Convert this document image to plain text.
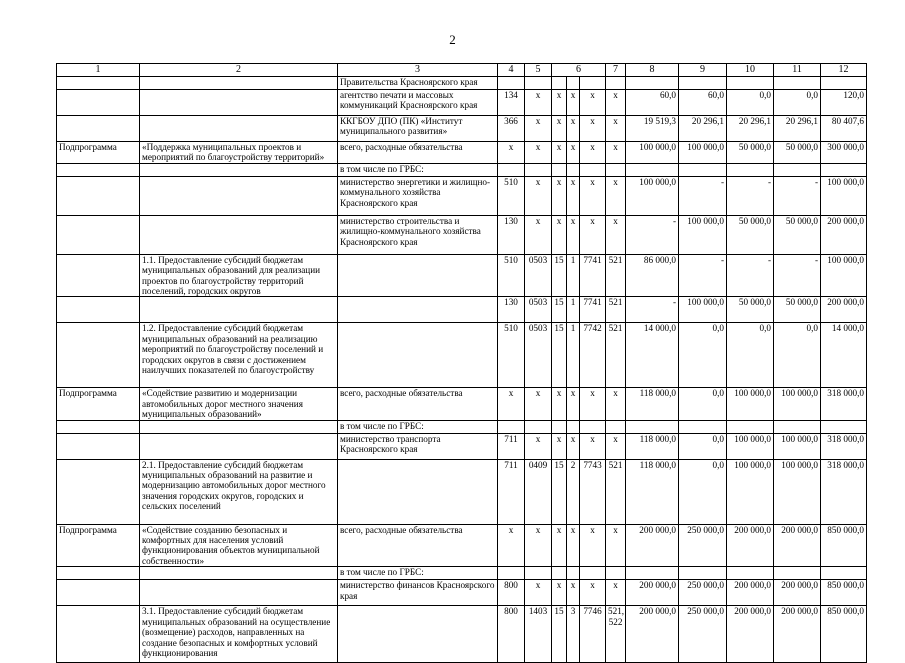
2
1	2	3	4	5	6			7	8	9	10	11	12
		Правительства Красноярского края											
		агентство печати и массовых коммуникаций Красноярского края	134	x	x	x	x	x	60,0	60,0	0,0	0,0	120,0
		ККГБОУ ДПО (ПК) «Институт муниципального развития»	366	x	x	x	x	x	19 519,3	20 296,1	20 296,1	20 296,1	80 407,6
Подпрограмма	«Поддержка муниципальных проектов и мероприятий по благоустройству территорий»	всего, расходные обязательства	x	x	x	x	x	x	100 000,0	100 000,0	50 000,0	50 000,0	300 000,0
		в том числе по ГРБС:											
		министерство энергетики и жилищно-коммунального хозяйства Красноярского края	510	x	x	x	x	x	100 000,0	-	-	-	100 000,0
		министерство строительства и жилищно-коммунального хозяйства Красноярского края	130	x	x	x	x	x	-	100 000,0	50 000,0	50 000,0	200 000,0
	1.1. Предоставление субсидий бюджетам муниципальных образований для реализации проектов по благоустройству территорий поселений, городских округов		510	0503	15	1	7741	521	86 000,0	-	-	-	100 000,0
			130	0503	15	1	7741	521	-	100 000,0	50 000,0	50 000,0	200 000,0
	1.2. Предоставление субсидий бюджетам муниципальных образований на реализацию мероприятий по благоустройству поселений и городских округов в связи с достижением наилучших показателей по благоустройству		510	0503	15	1	7742	521	14 000,0	0,0	0,0	0,0	14 000,0
Подпрограмма	«Содействие развитию и модернизации автомобильных дорог местного значения муниципальных образований»	всего, расходные обязательства	x	x	x	x	x	x	118 000,0	0,0	100 000,0	100 000,0	318 000,0
		в том числе по ГРБС:											
		министерство транспорта Красноярского края	711	x	x	x	x	x	118 000,0	0,0	100 000,0	100 000,0	318 000,0
	2.1. Предоставление субсидий бюджетам муниципальных образований на развитие и модернизацию автомобильных дорог местного значения городских округов, городских и сельских поселений		711	0409	15	2	7743	521	118 000,0	0,0	100 000,0	100 000,0	318 000,0
Подпрограмма	«Содействие созданию безопасных и комфортных для населения условий функционирования объектов муниципальной собственности»	всего, расходные обязательства	x	x	x	x	x	x	200 000,0	250 000,0	200 000,0	200 000,0	850 000,0
		в том числе по ГРБС:											
		министерство финансов Красноярского края	800	x	x	x	x	x	200 000,0	250 000,0	200 000,0	200 000,0	850 000,0
	3.1. Предоставление субсидий бюджетам муниципальных образований на осуществление (возмещение) расходов, направленных на создание безопасных и комфортных условий функционирования		800	1403	15	3	7746	521, 522	200 000,0	250 000,0	200 000,0	200 000,0	850 000,0
